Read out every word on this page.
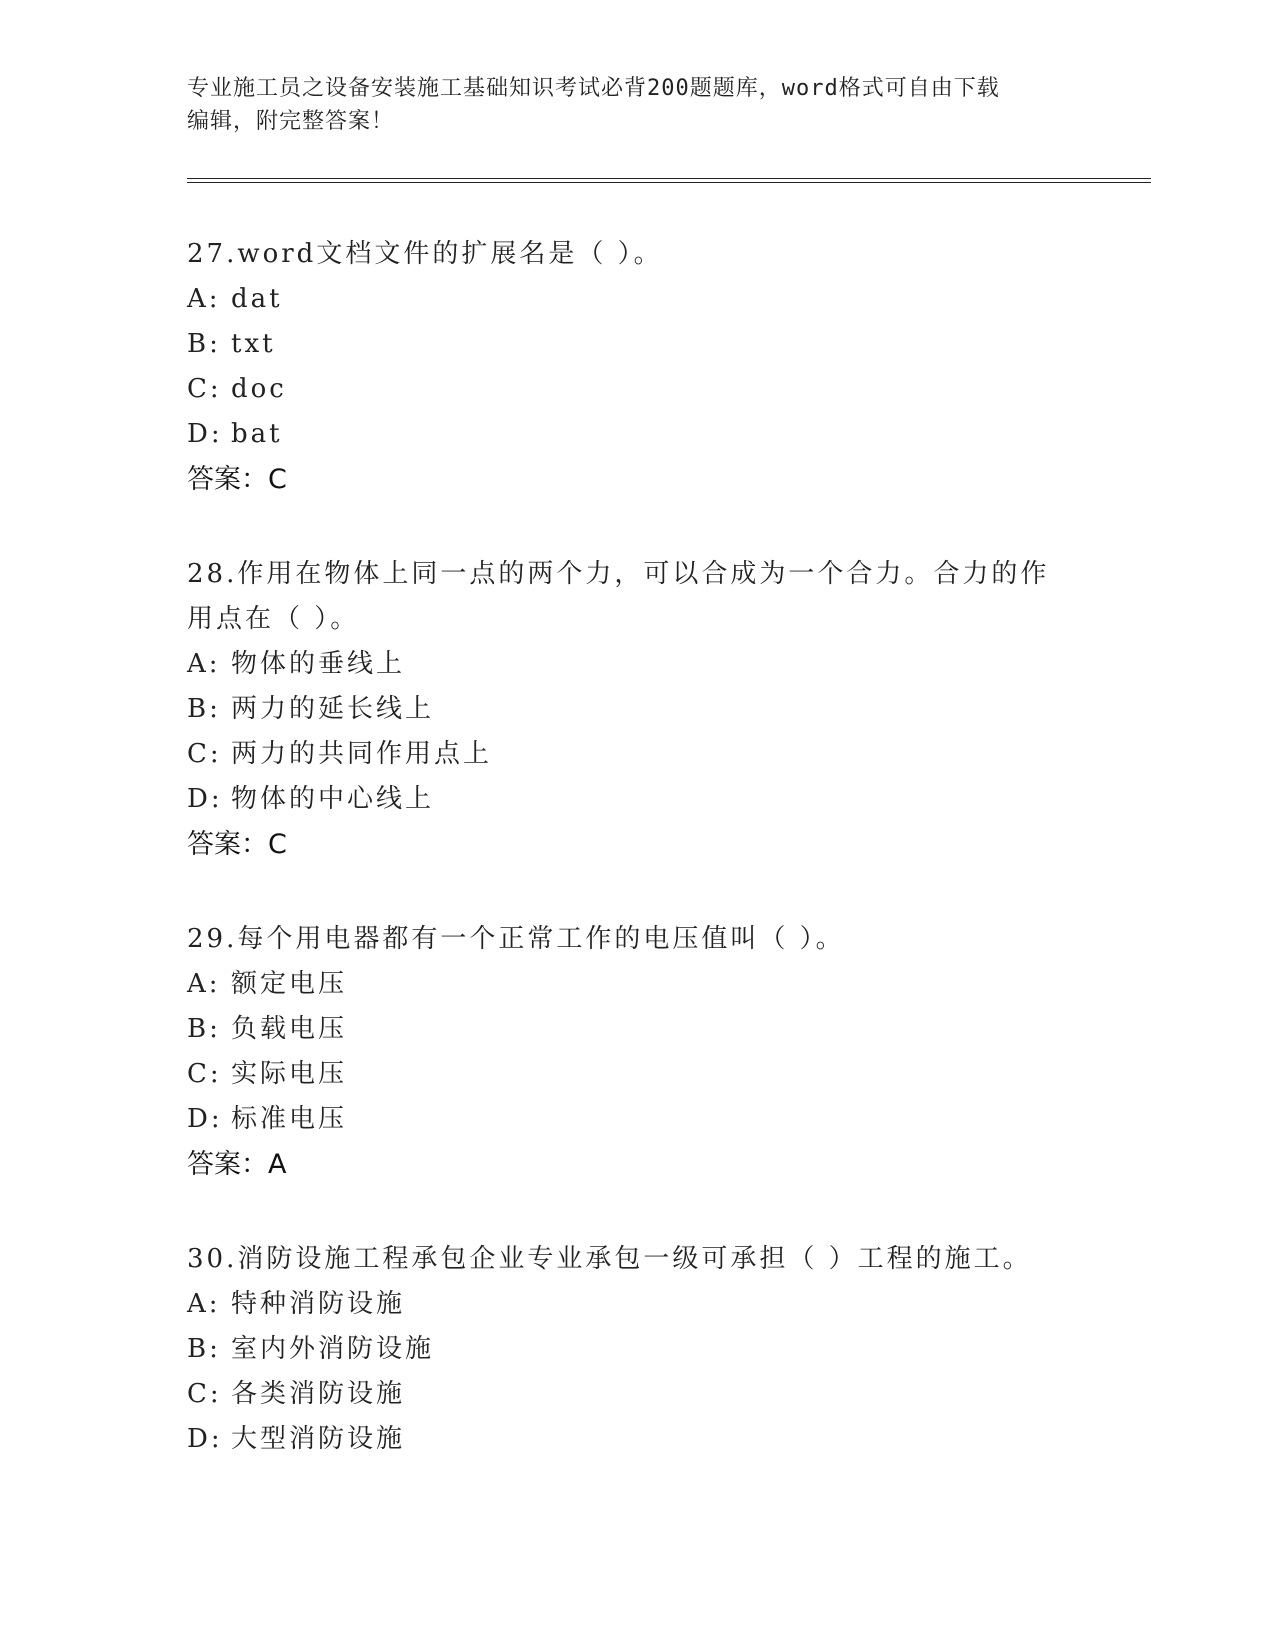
专业施工员之设备安装施工基础知识考试必背200题题库，word格式可自由下载
编辑，附完整答案！

27.word文档文件的扩展名是（ ）。

A: dat

B: txt

C: doc

D: bat

答案：C

28.作用在物体上同一点的两个力，可以合成为一个合力。合力的作用点在（ ）。

A: 物体的垂线上

B: 两力的延长线上

C: 两力的共同作用点上

D: 物体的中心线上

答案：C

29.每个用电器都有一个正常工作的电压值叫（ ）。

A: 额定电压

B: 负载电压

C: 实际电压

D: 标准电压

答案：A

30.消防设施工程承包企业专业承包一级可承担（ ）工程的施工。

A: 特种消防设施

B: 室内外消防设施

C: 各类消防设施

D: 大型消防设施
